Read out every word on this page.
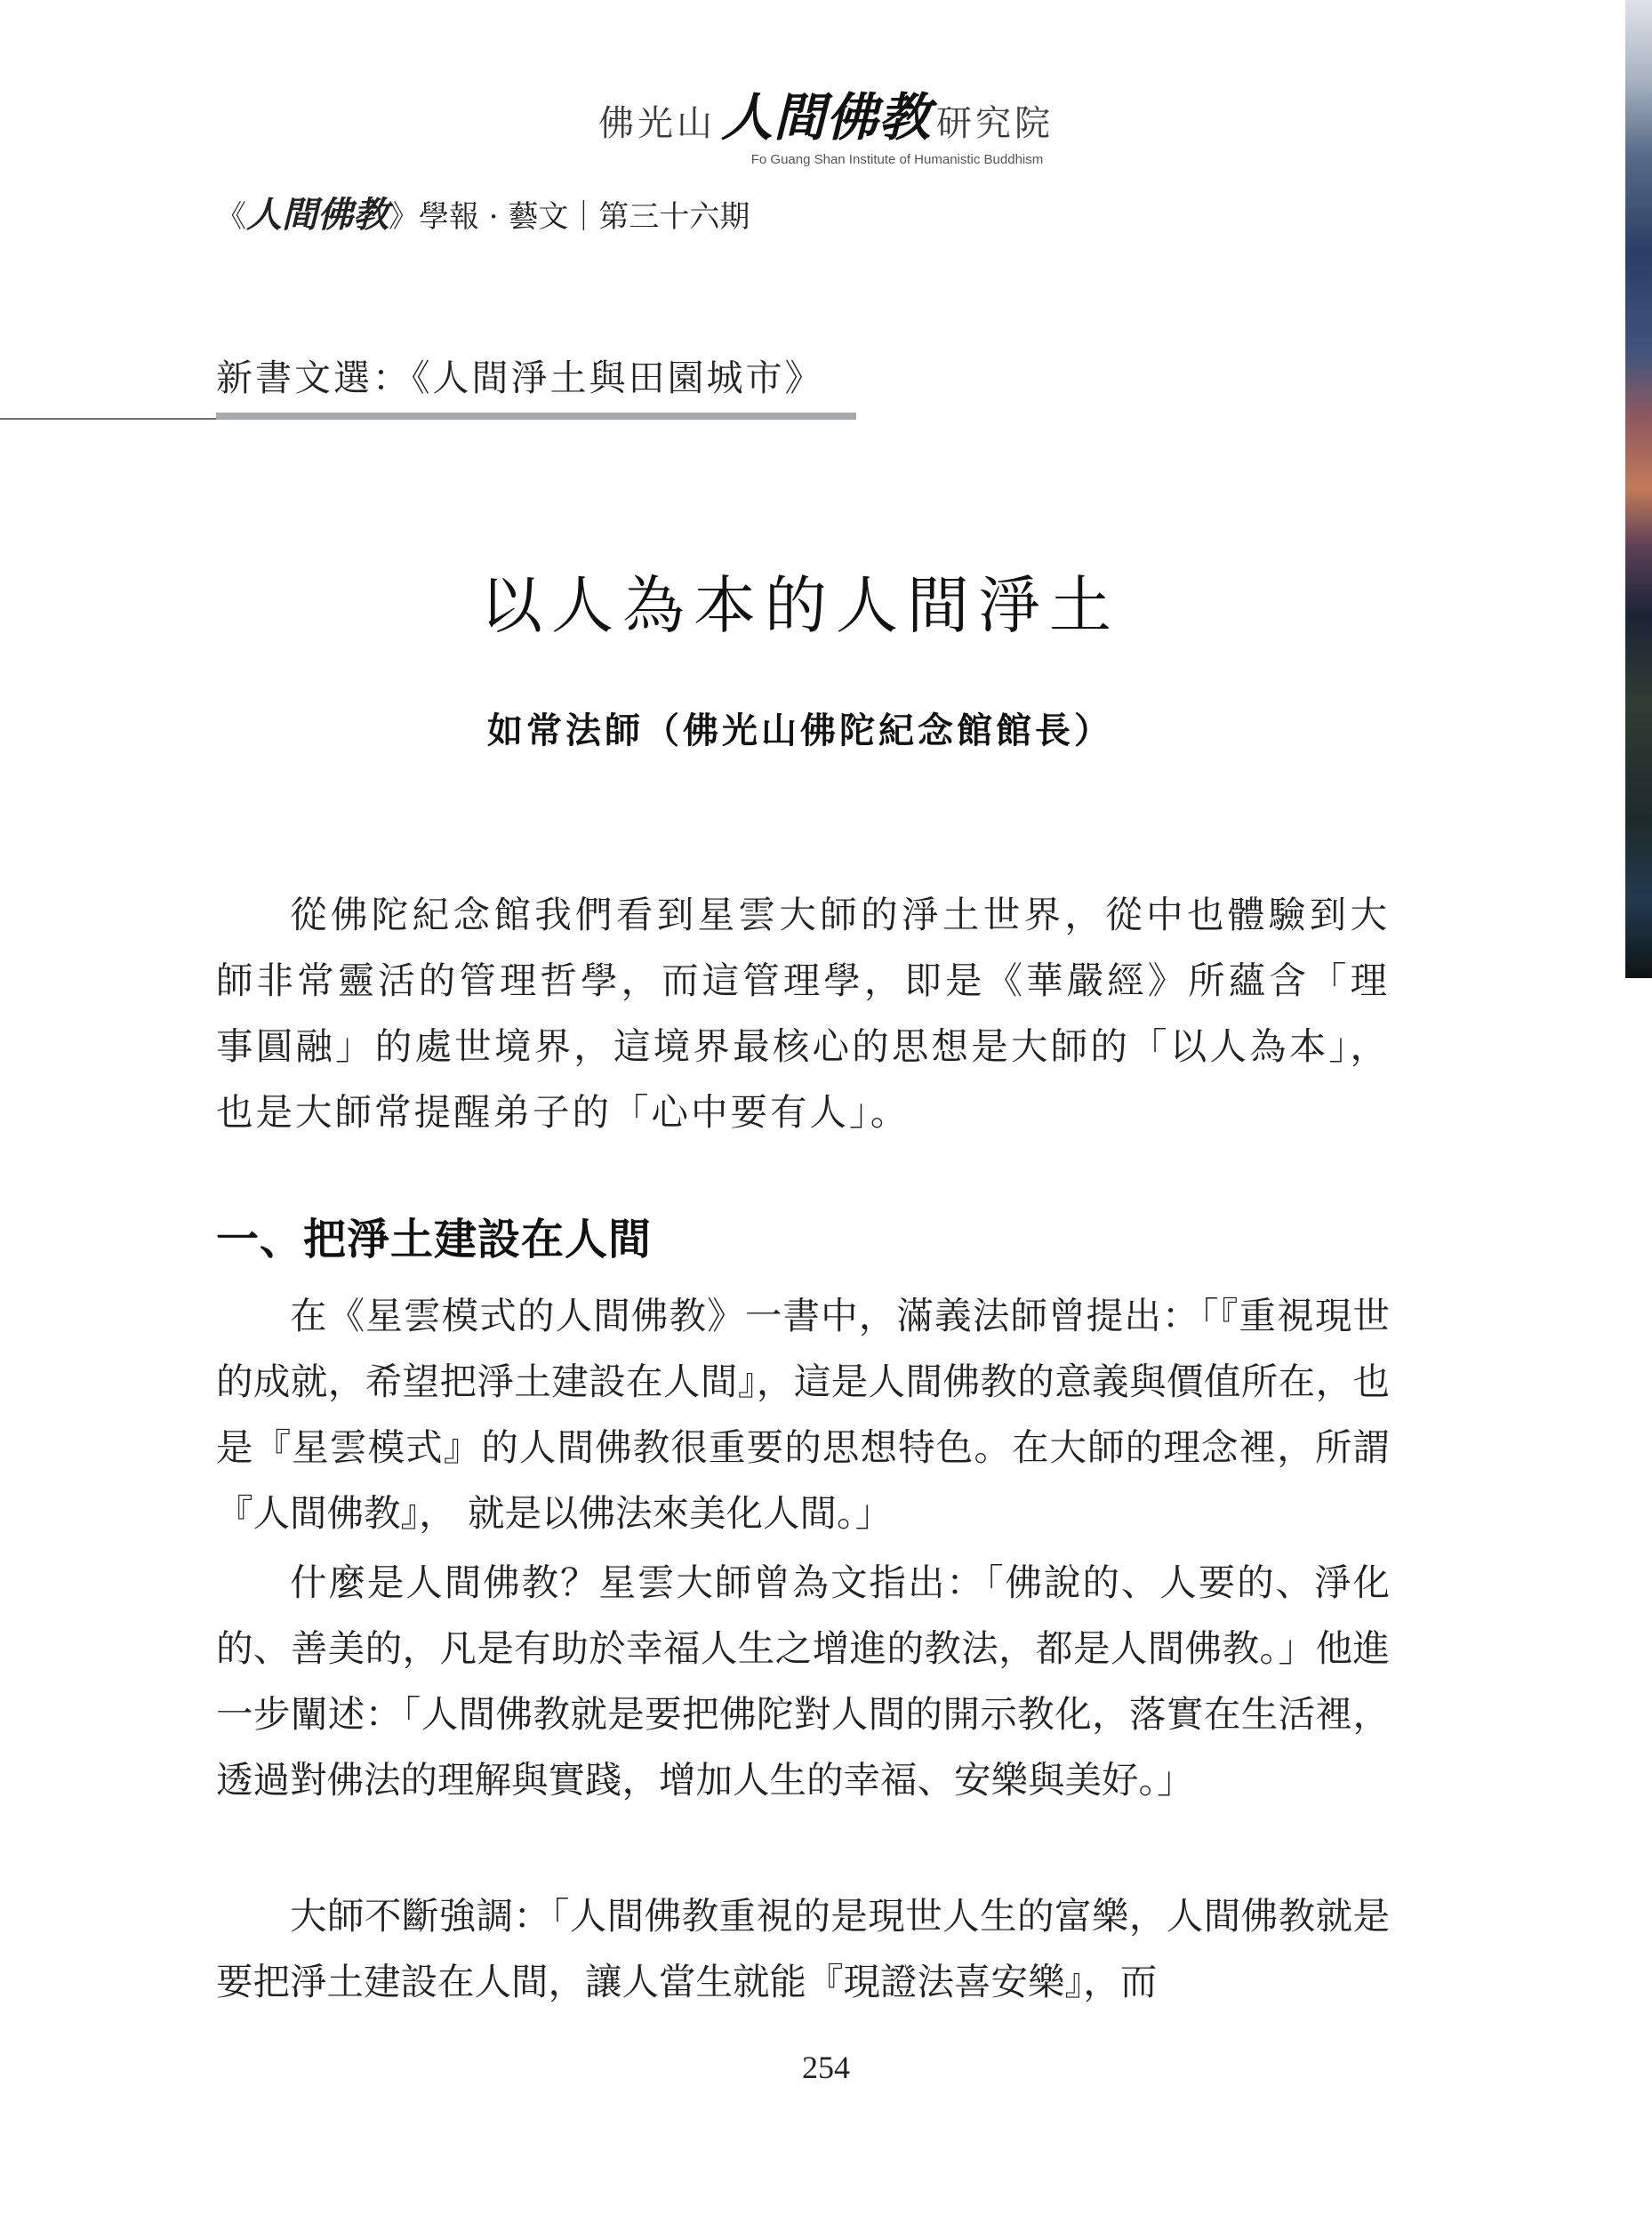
佛光山 人間佛教 研究院
Fo Guang Shan Institute of Humanistic Buddhism
《人間佛教》學報 · 藝文｜第三十六期
新書文選：《人間淨土與田園城市》
以人為本的人間淨土
如常法師（佛光山佛陀紀念館館長）

從佛陀紀念館我們看到星雲大師的淨土世界，從中也體驗到大師非常靈活的管理哲學，而這管理學，即是《華嚴經》所蘊含「理事圓融」的處世境界，這境界最核心的思想是大師的「以人為本」，也是大師常提醒弟子的「心中要有人」。

一、把淨土建設在人間

在《星雲模式的人間佛教》一書中，滿義法師曾提出：「『重視現世的成就，希望把淨土建設在人間』，這是人間佛教的意義與價值所在，也是『星雲模式』的人間佛教很重要的思想特色。在大師的理念裡，所謂『人間佛教』， 就是以佛法來美化人間。」

什麼是人間佛教？星雲大師曾為文指出：「佛說的、人要的、淨化的、善美的，凡是有助於幸福人生之增進的教法，都是人間佛教。」他進一步闡述：「人間佛教就是要把佛陀對人間的開示教化，落實在生活裡，透過對佛法的理解與實踐，增加人生的幸福、安樂與美好。」

大師不斷強調：「人間佛教重視的是現世人生的富樂，人間佛教就是要把淨土建設在人間，讓人當生就能『現證法喜安樂』，而

254
